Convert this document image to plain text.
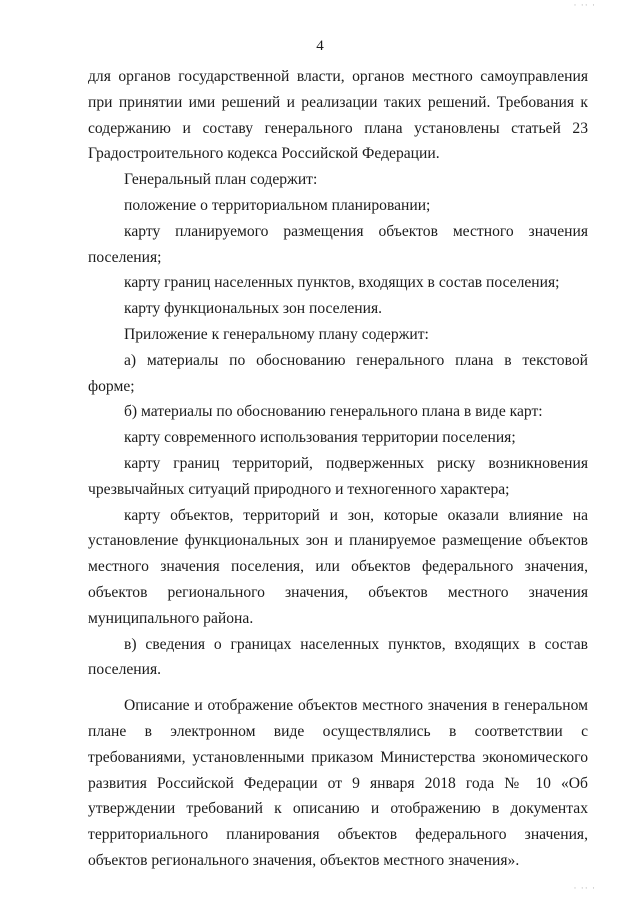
· ·· ·
4

для органов государственной власти, органов местного самоуправления при принятии ими решений и реализации таких решений. Требования к содержанию и составу генерального плана установлены статьей 23 Градостроительного кодекса Российской Федерации.

Генеральный план содержит:

положение о территориальном планировании;

карту планируемого размещения объектов местного значения поселения;

карту границ населенных пунктов, входящих в состав поселения;

карту функциональных зон поселения.

Приложение к генеральному плану содержит:

а) материалы по обоснованию генерального плана в текстовой форме;

б) материалы по обоснованию генерального плана в виде карт:

карту современного использования территории поселения;

карту границ территорий, подверженных риску возникновения чрезвычайных ситуаций природного и техногенного характера;

карту объектов, территорий и зон, которые оказали влияние на установление функциональных зон и планируемое размещение объектов местного значения поселения, или объектов федерального значения, объектов регионального значения, объектов местного значения муниципального района.

в) сведения о границах населенных пунктов, входящих в состав поселения.

Описание и отображение объектов местного значения в генеральном плане в электронном виде осуществлялись в соответствии с требованиями, установленными приказом Министерства экономического развития Российской Федерации от 9 января 2018 года № 10 «Об утверждении требований к описанию и отображению в документах территориального планирования объектов федерального значения, объектов регионального значения, объектов местного значения».

· ·· ·
